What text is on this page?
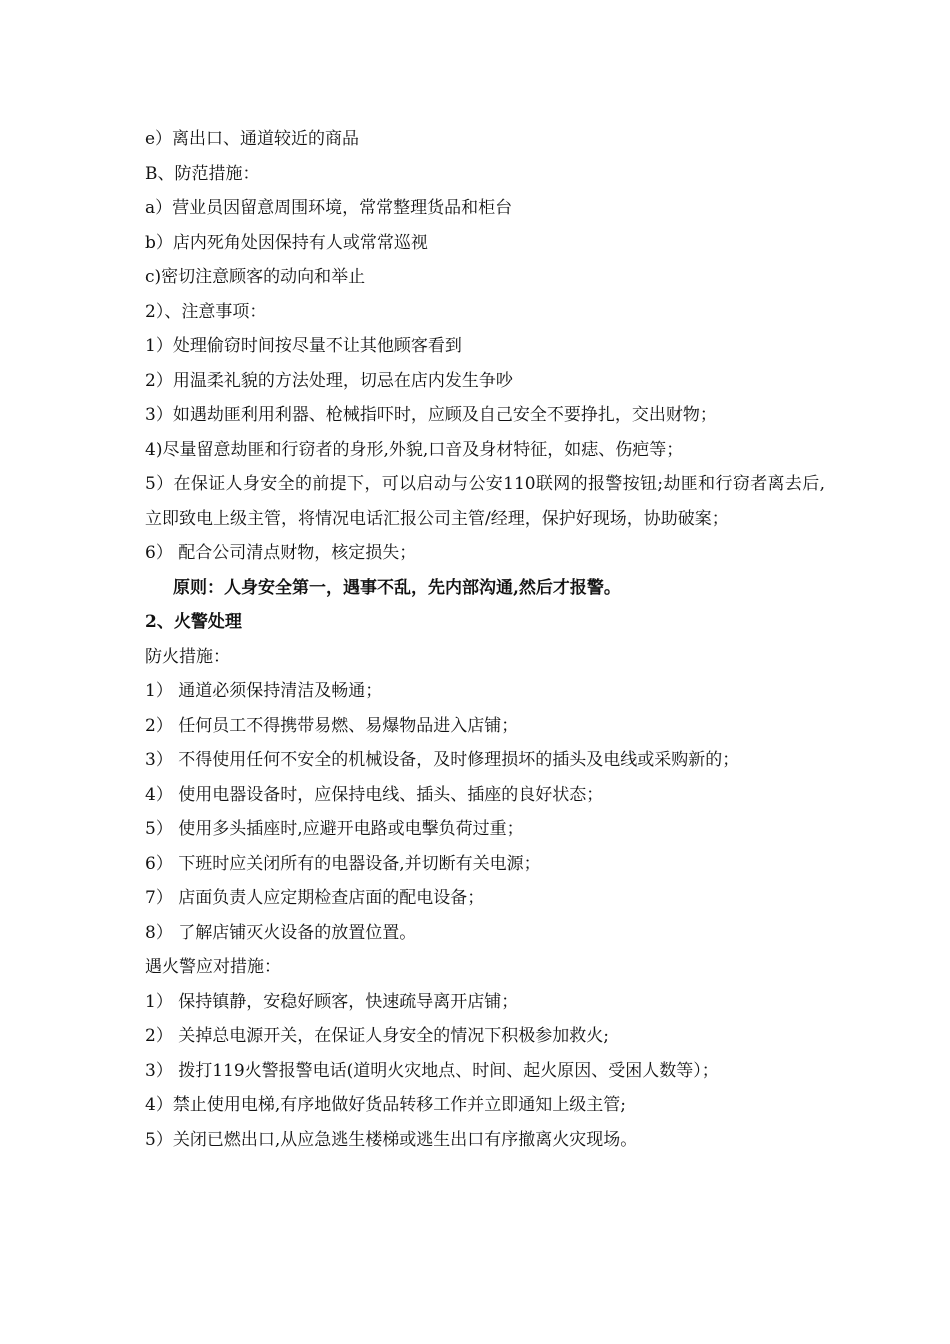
e）离出口、通道较近的商品
B、防范措施：
a）营业员因留意周围环境，常常整理货品和柜台
b）店内死角处因保持有人或常常巡视
c)密切注意顾客的动向和举止
2）、注意事项：
1）处理偷窃时间按尽量不让其他顾客看到
2）用温柔礼貌的方法处理，切忌在店内发生争吵
3）如遇劫匪利用利器、枪械指吓时，应顾及自己安全不要挣扎，交出财物；
4)尽量留意劫匪和行窃者的身形,外貌,口音及身材特征，如痣、伤疤等；
5）在保证人身安全的前提下，可以启动与公安110联网的报警按钮;劫匪和行窃者离去后,立即致电上级主管，将情况电话汇报公司主管/经理，保护好现场，协助破案；
6） 配合公司清点财物，核定损失；
原则：人身安全第一，遇事不乱，先内部沟通,然后才报警。
2、火警处理
防火措施：
1） 通道必须保持清洁及畅通；
2） 任何员工不得携带易燃、易爆物品进入店铺；
3） 不得使用任何不安全的机械设备，及时修理损坏的插头及电线或采购新的；
4） 使用电器设备时，应保持电线、插头、插座的良好状态；
5） 使用多头插座时,应避开电路或电擊负荷过重；
6） 下班时应关闭所有的电器设备,并切断有关电源；
7） 店面负责人应定期检查店面的配电设备；
8） 了解店铺灭火设备的放置位置。
遇火警应对措施：
1） 保持镇静，安稳好顾客，快速疏导离开店铺；
2） 关掉总电源开关，在保证人身安全的情况下积极参加救火;
3） 拨打119火警报警电话(道明火灾地点、时间、起火原因、受困人数等）；
4）禁止使用电梯,有序地做好货品转移工作并立即通知上级主管;
5）关闭已燃出口,从应急逃生楼梯或逃生出口有序撤离火灾现场。
